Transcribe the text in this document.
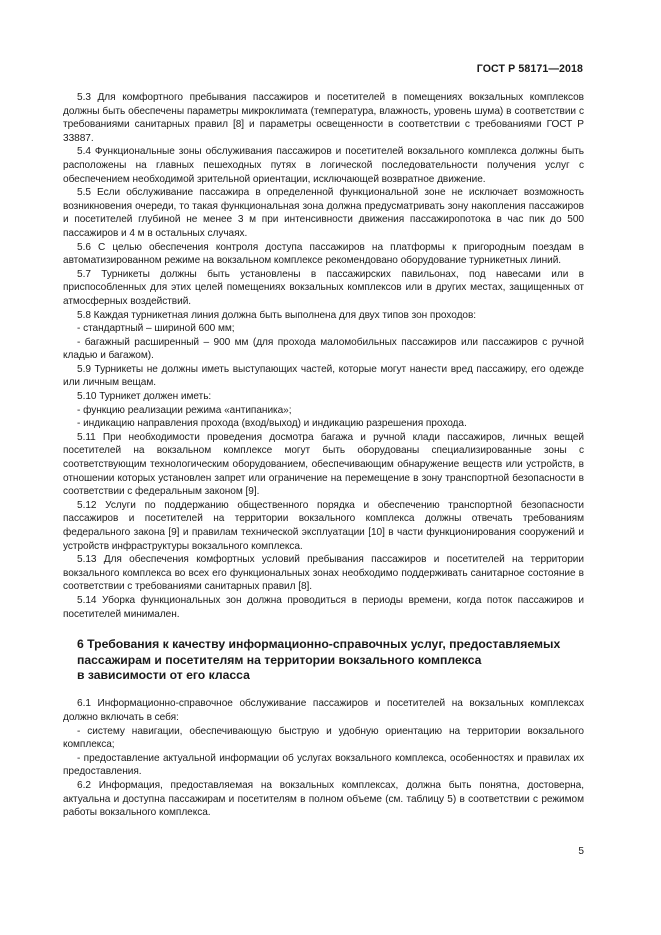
ГОСТ Р 58171—2018

5.3 Для комфортного пребывания пассажиров и посетителей в помещениях вокзальных комплексов должны быть обеспечены параметры микроклимата (температура, влажность, уровень шума) в соответствии с требованиями санитарных правил [8] и параметры освещенности в соответствии с требованиями ГОСТ Р 33887.

5.4 Функциональные зоны обслуживания пассажиров и посетителей вокзального комплекса должны быть расположены на главных пешеходных путях в логической последовательности получения услуг с обеспечением необходимой зрительной ориентации, исключающей возвратное движение.

5.5 Если обслуживание пассажира в определенной функциональной зоне не исключает возможность возникновения очереди, то такая функциональная зона должна предусматривать зону накопления пассажиров и посетителей глубиной не менее 3 м при интенсивности движения пассажиропотока в час пик до 500 пассажиров и 4 м в остальных случаях.

5.6 С целью обеспечения контроля доступа пассажиров на платформы к пригородным поездам в автоматизированном режиме на вокзальном комплексе рекомендовано оборудование турникетных линий.

5.7 Турникеты должны быть установлены в пассажирских павильонах, под навесами или в приспособленных для этих целей помещениях вокзальных комплексов или в других местах, защищенных от атмосферных воздействий.

5.8 Каждая турникетная линия должна быть выполнена для двух типов зон проходов:

- стандартный – шириной 600 мм;

- багажный расширенный – 900 мм (для прохода маломобильных пассажиров или пассажиров с ручной кладью и багажом).

5.9 Турникеты не должны иметь выступающих частей, которые могут нанести вред пассажиру, его одежде или личным вещам.

5.10 Турникет должен иметь:

- функцию реализации режима «антипаника»;

- индикацию направления прохода (вход/выход) и индикацию разрешения прохода.

5.11 При необходимости проведения досмотра багажа и ручной клади пассажиров, личных вещей посетителей на вокзальном комплексе могут быть оборудованы специализированные зоны с соответствующим технологическим оборудованием, обеспечивающим обнаружение веществ или устройств, в отношении которых установлен запрет или ограничение на перемещение в зону транспортной безопасности в соответствии с федеральным законом [9].

5.12 Услуги по поддержанию общественного порядка и обеспечению транспортной безопасности пассажиров и посетителей на территории вокзального комплекса должны отвечать требованиям федерального закона [9] и правилам технической эксплуатации [10] в части функционирования сооружений и устройств инфраструктуры вокзального комплекса.

5.13 Для обеспечения комфортных условий пребывания пассажиров и посетителей на территории вокзального комплекса во всех его функциональных зонах необходимо поддерживать санитарное состояние в соответствии с требованиями санитарных правил [8].

5.14 Уборка функциональных зон должна проводиться в периоды времени, когда поток пассажиров и посетителей минимален.

6 Требования к качеству информационно-справочных услуг, предоставляемых
пассажирам и посетителям на территории вокзального комплекса
в зависимости от его класса

6.1 Информационно-справочное обслуживание пассажиров и посетителей на вокзальных комплексах должно включать в себя:

- систему навигации, обеспечивающую быструю и удобную ориентацию на территории вокзального комплекса;

- предоставление актуальной информации об услугах вокзального комплекса, особенностях и правилах их предоставления.

6.2 Информация, предоставляемая на вокзальных комплексах, должна быть понятна, достоверна, актуальна и доступна пассажирам и посетителям в полном объеме (см. таблицу 5) в соответствии с режимом работы вокзального комплекса.

5
